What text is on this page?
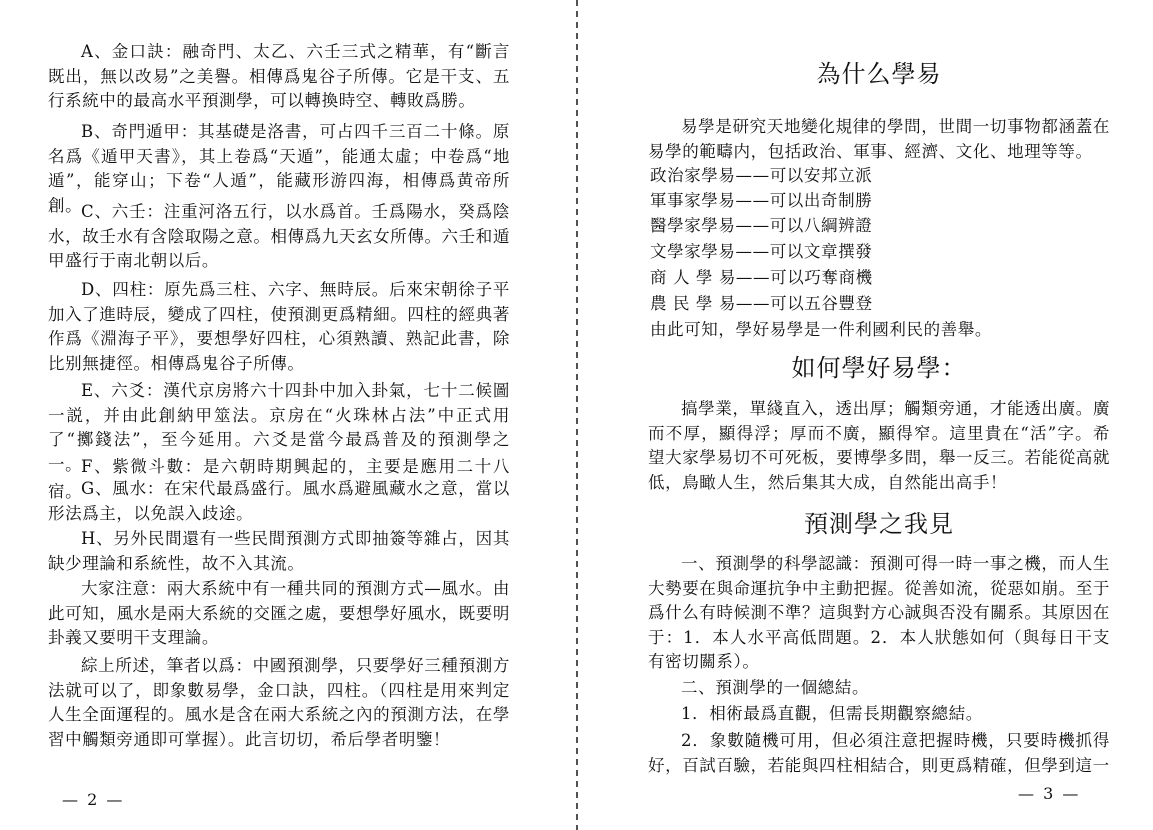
A、金口訣：融奇門、太乙、六壬三式之精華，有“斷言既出，無以改易”之美譽。相傳爲鬼谷子所傳。它是干支、五行系統中的最高水平預測學，可以轉換時空、轉敗爲勝。

B、奇門遁甲：其基礎是洛書，可占四千三百二十條。原名爲《遁甲天書》，其上卷爲“天遁”，能通太虛；中卷爲“地遁”，能穿山；下卷“人遁”，能藏形游四海，相傳爲黄帝所創。

C、六壬：注重河洛五行，以水爲首。壬爲陽水，癸爲陰水，故壬水有含陰取陽之意。相傳爲九天玄女所傳。六壬和遁甲盛行于南北朝以后。

D、四柱：原先爲三柱、六字、無時辰。后來宋朝徐子平加入了進時辰，變成了四柱，使預測更爲精細。四柱的經典著作爲《淵海子平》，要想學好四柱，心須熟讀、熟記此書，除比别無捷徑。相傳爲鬼谷子所傳。

E、六爻：漢代京房將六十四卦中加入卦氣，七十二候圖一説，并由此創納甲筮法。京房在“火珠林占法”中正式用了“擲錢法”，至今延用。六爻是當今最爲普及的預測學之一。

F、紫微斗數：是六朝時期興起的，主要是應用二十八宿。

G、風水：在宋代最爲盛行。風水爲避風藏水之意，當以形法爲主，以免誤入歧途。

H、另外民間還有一些民間預測方式即抽簽等雜占，因其缺少理論和系統性，故不入其流。

大家注意：兩大系統中有一種共同的預測方式—風水。由此可知，風水是兩大系統的交匯之處，要想學好風水，既要明卦義又要明干支理論。

綜上所述，筆者以爲：中國預測學，只要學好三種預測方法就可以了，即象數易學，金口訣，四柱。（四柱是用來判定人生全面運程的。風水是含在兩大系統之內的預測方法，在學習中觸類旁通即可掌握）。此言切切，希后學者明鑒！

— 2 —
為什么學易

易學是研究天地變化規律的學問，世間一切事物都涵蓋在易學的範疇内，包括政治、軍事、經濟、文化、地理等等。

政治家學易——可以安邦立派
軍事家學易——可以出奇制勝
醫學家學易——可以八綱辨證
文學家學易——可以文章撰發
商 人 學 易——可以巧奪商機
農 民 學 易——可以五谷豐登
由此可知，學好易學是一件利國利民的善舉。
如何學好易學：

搞學業，單綫直入，透出厚；觸類旁通，才能透出廣。廣而不厚，顯得浮；厚而不廣，顯得窄。這里貴在“活”字。希望大家學易切不可死板，要博學多問，舉一反三。若能從高就低，鳥瞰人生，然后集其大成，自然能出高手！

預測學之我見

一、預測學的科學認識：預測可得一時一事之機，而人生大勢要在與命運抗争中主動把握。從善如流，從惡如崩。至于爲什么有時候測不準？這與對方心誠與否没有關系。其原因在于：1．本人水平高低問題。2．本人狀態如何（與每日干支有密切關系）。

二、預測學的一個總結。
1．相術最爲直觀，但需長期觀察總結。

2．象數隨機可用，但必須注意把握時機，只要時機抓得好，百試百驗，若能與四柱相結合，則更爲精確，但學到這一

— 3 —
